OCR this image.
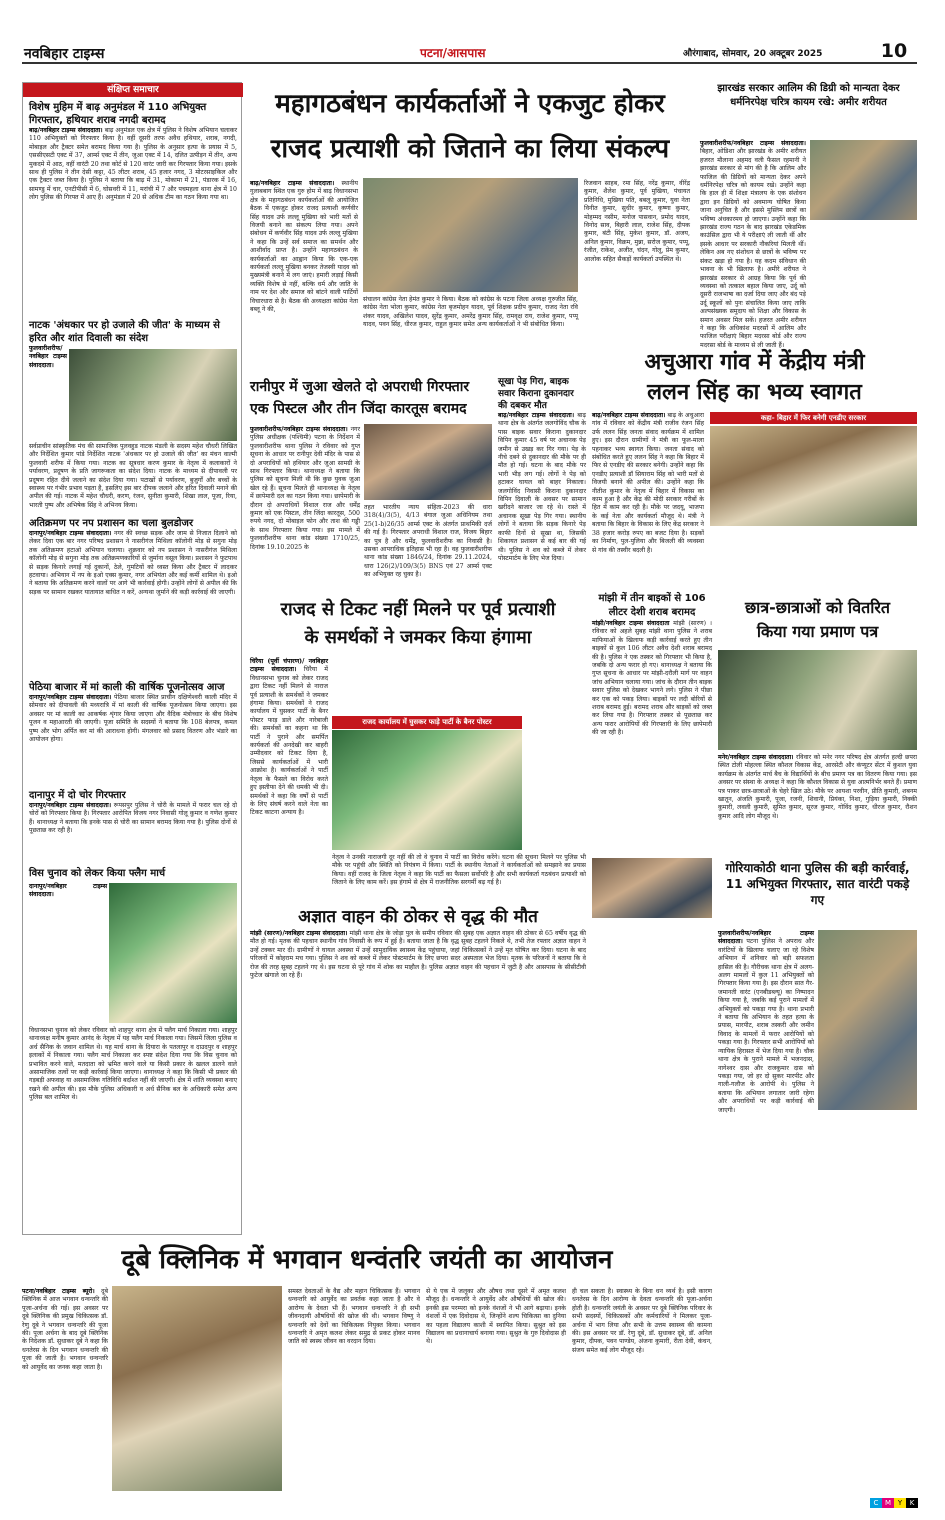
नवबिहार टाइम्स	पटना/आसपास	औरंगाबाद, सोमवार, 20 अक्टूबर 2025	10
संक्षिप्त समाचार
विशेष मुहिम में बाढ़ अनुमंडल में 110 अभियुक्त गिरफ्तार, हथियार शराब नगदी बरामद

बाढ़/नवबिहार टाइम्स संवाददाता। बाढ़ अनुमंडल एक क्षेत्र में पुलिस ने विशेष अभियान चलाकर 110 अभियुक्तों को गिरफ्तार किया है। वहीं दूसरी तरफ अवैध हथियार, शराब, नगदी, मोबाइल और ट्रैक्टर समेत बरामद किया गया है। पुलिस के अनुसार हत्या के प्रयास में 5, एससीएसटी एक्ट में 37, आर्म्स एक्ट में तीन, जुआ एक्ट में 14, दलित उत्पीड़न में तीन, अन्य मुकदमे में आठ, वहीं वारंटी 20 तथा कोर्ट से 120 वारंट जारी कर गिरफ्तार किया गया। इसके साथ ही पुलिस ने तीन देसी कट्टा, 45 लीटर शराब, 45 हजार नगद, 3 मोटरसाइकिल और एक ट्रैक्टर जब्त किया है। पुलिस ने बताया कि बाढ़ में 31, मोकामा में 21, पंडारक में 16, सामण्डु में चार, एनटीपीसी में 6, घोसवरी में 11, मरांची में 7 और पचमहला थाना क्षेत्र में 10 लोग पुलिस की गिरफ्त में आए हैं। अनुमंडल में 20 से अधिक टीम का गठन किया गया था।

नाटक 'अंधकार पर हो उजाले की जीत' के माध्यम से हरित और शांत दिवाली का संदेश

फुलवारीशरीफ/नवबिहार टाइम्स संवाददाता।

सर्वप्राचीन सांस्कृतिक मंच की सामाजिक पुलवहुड नाटक मंडली के सदस्य महेश चौधरी लिखित और निर्देशित कुमार पांडे निर्देशित नाटक 'अंधकार पर हो उजाले की जीत' का मंचन वाल्मी फुलवारी शरीफ में किया गया। नाटक का सूत्रधार करण कुमार के नेतृत्व में कलाकारों ने पर्यावरण, प्रदूषण के प्रति जागरूकता का संदेश दिया। नाटक के माध्यम से दीपावली पर प्रदूषण रहित दीये जलाने का संदेश दिया गया। पटाखों से पर्यावरण, बुजुर्गों और बच्चों के स्वास्थ्य पर गंभीर प्रभाव पड़ता है, इसलिए इस बार दीपक जलाने और हरित दिवाली मनाने की अपील की गई। नाटक में महेश चौधरी, करण, रंजन, सुनीता कुमारी, शिखा लाल, पूजा, रिया, भारती पुष्प और अभिषेक सिंह ने अभिनय किया।

अतिक्रमण पर नप प्रशासन का चला बुलडोजर

दानापुर/नवबिहार टाइम्स संवाददाता। नगर की स्वच्छ सड़क और जाम से निजात दिलाने को लेकर दिवा एक बार नगर परिषद प्रशासन ने नासरीगंज मिथिला कॉलोनी मोड़ से सगुना मोड़ तक अतिक्रमण हटाओ अभियान चलाया। शुक्रवार को नप प्रशासन ने नासरीगंज मिथिला कॉलोनी मोड़ से सगुना मोड़ तक अतिक्रमणकारियों से जुर्माना वसूल किया। प्रशासन ने फुटपाथ से सड़क किनारे लगाई गई दुकानों, ठेले, गुमटियों को ध्वस्त किया और ट्रैक्टर में लादकर हटवाया। अभियान में नप के इओ एक्स कुमार, नगर अभियंता और कई कर्मी शामिल थे। इओ ने बताया कि अतिक्रमण करने वालों पर आगे भी कार्रवाई होगी। उन्होंने लोगों से अपील की कि सड़क पर सामान रखकर यातायात बाधित न करें, अन्यथा जुर्माने की कड़ी कार्रवाई की जाएगी।

पेठिया बाजार में मां काली की वार्षिक पूजनोत्सव आज

दानापुर/नवबिहार टाइम्स संवाददाता। पेठिया बाजार स्थित प्राचीन दक्षिणेश्वरी काली मंदिर में सोमवार को दीपावली की मध्यरात्रि में मां काली की वार्षिक पूजनोत्सव किया जाएगा। इस अवसर पर मां काली का आकर्षक शृंगार किया जाएगा और वैदिक मंत्रोच्चार के बीच विशेष पूजन व महाआरती की जाएगी। पूजा समिति के सदस्यों ने बताया कि 108 बेलपत्र, कमल पुष्प और भोग अर्पित कर मां की आराधना होगी। मंगलवार को प्रसाद वितरण और भंडारे का आयोजन होगा।

दानापुर में दो चोर गिरफ्तार

दानापुर/नवबिहार टाइम्स संवाददाता। रूपसपुर पुलिस ने चोरी के मामले में फरार चल रहे दो चोरों को गिरफ्तार किया है। गिरफ्तार आरोपित विजय नगर निवासी गोलू कुमार व गणेश कुमार हैं। थानाध्यक्ष ने बताया कि इनके पास से चोरी का सामान बरामद किया गया है। पुलिस दोनों से पूछताछ कर रही है।

विस चुनाव को लेकर किया फ्लैग मार्च

दानापुर/नवबिहार टाइम्स संवाददाता।

विधानसभा चुनाव को लेकर रविवार को शाहपुर थाना क्षेत्र में फ्लैग मार्च निकाला गया। शाहपुर थानाध्यक्ष मनीष कुमार आनंद के नेतृत्व में यह फ्लैग मार्च निकाला गया। जिसमें जिला पुलिस व अर्ध सैनिक के जवान शामिल थे। यह मार्च थाना के दियारा के पतलापुर व दाउदपुर व शाहपुर इलाकों में निकाला गया। फ्लैग मार्च निकाला कर स्पष्ट संदेश दिया गया कि विस चुनाव को प्रभावित करने वाले, मतदाता को भ्रमित करने वाले या किसी प्रकार के खलल डालने वाले असामाजिक तत्वों पर कड़ी कार्रवाई किया जाएगा। थानाध्यक्ष ने कहा कि किसी भी प्रकार की गड़बड़ी अफवाह या असामाजिक गतिविधि बर्दाश्त नहीं की जाएगी। क्षेत्र में शांति व्यवस्था बनाए रखने की अपील की। इस मौके पुलिस अधिकारी व अर्ध सैनिक बल के अधिकारी समेत अन्य पुलिस बल शामिल थे।

महागठबंधन कार्यकर्ताओं ने एकजुट होकर
राजद प्रत्याशी को जिताने का लिया संकल्प

बाढ़/नवबिहार टाइम्स संवाददाता। स्थानीय गुलाबबाग स्थित एक गुरु होम में बाढ़ विधानसभा क्षेत्र के महागठबंधन कार्यकर्ताओं की आयोजित बैठक में एकजुट होकर राजद प्रत्याशी कर्णवीर सिंह यादव उर्फ लल्लू मुखिया को भारी मतों से विजयी बनाने का संकल्प लिया गया। अपने संबोधन में कर्णवीर सिंह यादव उर्फ लल्लू मुखिया ने कहा कि उन्हें सर्व समाज का समर्थन और आशीर्वाद प्राप्त है। उन्होंने महागठबंधन के कार्यकर्ताओं का आह्वान किया कि एक-एक कार्यकर्ता लल्लू मुखिया बनकर तेजस्वी यादव को मुख्यमंत्री बनाने में लग जाएं। हमारी लड़ाई किसी व्यक्ति विशेष से नहीं, बल्कि धर्म और जाति के नाम पर देश और समाज को बांटने वाली पार्टियों विचारधारा से है। बैठक की अध्यक्षता कांग्रेस नेता बब्लू ने की,

संचालन कांग्रेस नेता हेमंत कुमार ने किया। बैठक को कांग्रेस के पटना जिला अध्यक्ष गुरुजीत सिंह, कांग्रेस नेता भोला कुमार, कांग्रेस नेता बृजमोहन यादव, पूर्व शिक्षक प्रदीप कुमार, राजद नेता रवि शंकर यादव, अखिलेश यादव, सुरेंद्र कुमार, अमरेंद्र कुमार सिंह, रामवृक्ष राय, राजेश कुमार, पप्पू यादव, पवन सिंह, धीरज कुमार, राहुल कुमार समेत अन्य कार्यकर्ताओं ने भी संबोधित किया।

रिजवान साहब, रमा सिंह, नरेंद्र कुमार, वीरेंद्र कुमार, शैलेश कुमार, पूर्व मुखिया, पंचायत प्रतिनिधि, मुखिया पति, बबलू कुमार, युवा नेता विनीत कुमार, सुधीर कुमार, कृष्णा कुमार, मोहम्मद नसीम, मनोज पासवान, प्रमोद यादव, विनोद साव, बिहारी लाल, राजेश सिंह, दीपक कुमार, बंटी सिंह, मुकेश कुमार, डॉ. अजय, अनिल कुमार, विक्रम, मुन्ना, सरोज कुमार, पप्पू, रंजीत, राकेश, अजीत, चंदन, गोलू, प्रेम कुमार, आलोक सहित सैकड़ों कार्यकर्ता उपस्थित थे।

रानीपुर में जुआ खेलते दो अपराधी गिरफ्तार
एक पिस्टल और तीन जिंदा कारतूस बरामद

फुलवारीशरीफ/नवबिहार टाइम्स संवाददाता। नगर पुलिस अधीक्षक (पश्चिमी) पटना के निर्देशन में फुलवारीशरीफ थाना पुलिस ने रविवार को गुप्त सूचना के आधार पर रानीपुर देवी मंदिर के पास से दो अपराधियों को हथियार और जुआ सामग्री के साथ गिरफ्तार किया। थानाध्यक्ष ने बताया कि पुलिस को सूचना मिली थी कि कुछ युवक जुआ खेल रहे हैं। सूचना मिलते ही थानाध्यक्ष के नेतृत्व में छापेमारी दल का गठन किया गया। छापेमारी के दौरान दो अपराधियों विशाल राज और धर्मेंद्र कुमार को एक पिस्टल, तीन जिंदा कारतूस, 500 रुपये नगद, दो मोबाइल फोन और ताश की गड्डी के साथ गिरफ्तार किया गया। इस मामले में फुलवारीशरीफ थाना कांड संख्या 1710/25, दिनांक 19.10.2025 के

तहत भारतीय न्याय संहिता-2023 की धारा 318(4)/3(5), 4/13 बंगाल जुआ अधिनियम तथा 25(1-b)26/35 आर्म्स एक्ट के अंतर्गत प्राथमिकी दर्ज की गई है। गिरफ्तार अपराधी विशाल राज, विजय बिहार का पुत्र है और धर्मेंद्र, फुलवारीशरीफ का निवासी है। उसका आपराधिक इतिहास भी रहा है। वह फुलवारीशरीफ थाना कांड संख्या 1846/24, दिनांक 29.11.2024, धारा 126(2)/109/3(5) BNS एवं 27 आर्म्स एक्ट का अभियुक्त रह चुका है।

सूखा पेड़ गिरा, बाइक सवार किराना दुकानदार की दबकर मौत

बाढ़/नवबिहार टाइम्स संवाददाता। बाढ़ थाना क्षेत्र के अंतर्गत जलगोविंद चौक के पास बाइक सवार किराना दुकानदार विपिन कुमार 45 वर्ष पर अचानक पेड़ जमीन से उखड़ कर गिर गया। पेड़ के नीचे दबने से दुकानदार की मौके पर ही मौत हो गई। घटना के बाद मौके पर भारी भीड़ लग गई। लोगों ने पेड़ को हटाकर घायल को बाहर निकाला। जलगोविंद निवासी किराना दुकानदार विपिन दिवाली के अवसर पर सामान खरीदने बाजार जा रहे थे। रास्ते में अचानक सूखा पेड़ गिर गया। स्थानीय लोगों ने बताया कि सड़क किनारे पेड़ काफी दिनों से सूखा था, जिसकी शिकायत प्रशासन से कई बार की गई थी। पुलिस ने शव को कब्जे में लेकर पोस्टमार्टम के लिए भेज दिया।

अचुआरा गांव में केंद्रीय मंत्री
ललन सिंह का भव्य स्वागत
कहा- बिहार में फिर बनेगी एनडीए सरकार

बाढ़/नवबिहार टाइम्स संवाददाता। बाढ़ के अचुआरा गांव में रविवार को केंद्रीय मंत्री राजीव रंजन सिंह उर्फ ललन सिंह जनता संवाद कार्यक्रम में शामिल हुए। इस दौरान ग्रामीणों ने मंत्री का फूल-माला पहनाकर भव्य स्वागत किया। जनता संवाद को संबोधित करते हुए ललन सिंह ने कहा कि बिहार में फिर से एनडीए की सरकार बनेगी। उन्होंने कहा कि एनडीए प्रत्याशी डॉ सियाराम सिंह को भारी मतों से विजयी बनाने की अपील की। उन्होंने कहा कि नीतीश कुमार के नेतृत्व में बिहार में विकास का काम हुआ है और केंद्र की मोदी सरकार गरीबों के हित में काम कर रही है। मौके पर जदयू, भाजपा के कई नेता और कार्यकर्ता मौजूद थे। मंत्री ने बताया कि बिहार के विकास के लिए केंद्र सरकार ने 38 हजार करोड़ रुपए का बजट दिया है। सड़कों का निर्माण, पुल-पुलिया और बिजली की व्यवस्था से गांव की तस्वीर बदली है।

झारखंड सरकार आलिम की डिग्री को मान्यता देकर धर्मनिरपेक्ष चरित्र कायम रखे: अमीर शरीयत

फुलवारीशरीफ/नवबिहार टाइम्स संवाददाता। बिहार, ओडिशा और झारखंड के अमीर शरीयत हजरत मौलाना अहमद वली फैसल रहमानी ने झारखंड सरकार से मांग की है कि आलिम और फाजिल की डिग्रियों को मान्यता देकर अपने धर्मनिरपेक्ष चरित्र को कायम रखे। उन्होंने कहा कि हाल ही में शिक्षा मंत्रालय के एक संशोधन द्वारा इन डिग्रियों को अवमान्य घोषित किया जाना अनुचित है और इससे मुस्लिम छात्रों का भविष्य अंधकारमय हो जाएगा। उन्होंने कहा कि झारखंड राज्य गठन के बाद झारखंड एकेडमिक काउंसिल द्वारा भी ये परीक्षाएं ली जाती थीं और इसके आधार पर सरकारी नौकरियां मिलती थीं। लेकिन अब नए संशोधन से छात्रों के भविष्य पर संकट खड़ा हो गया है। यह कदम संविधान की भावना के भी खिलाफ है। अमीरे शरीयत ने झारखंड सरकार से आग्रह किया कि पूर्व की व्यवस्था को तत्काल बहाल किया जाए, उर्दू को दूसरी राजभाषा का दर्जा दिया जाए और बंद पड़े उर्दू स्कूलों को पुनः संचालित किया जाए ताकि अल्पसंख्यक समुदाय को शिक्षा और विकास के समान अवसर मिल सकें। हजरत अमीर शरीयत ने कहा कि अधिकांश मदरसों में आलिम और फाजिल परीक्षाएं बिहार मदरसा बोर्ड और राज्य मदरसा बोर्ड के माध्यम से ली जाती हैं।

मांझी में तीन बाइकों से 106 लीटर देशी शराब बरामद

मांझी/नवबिहार टाइम्स संवाददाता मांझी (सारण) । रविवार को अहले सुबह मांझी थाना पुलिस ने शराब माफियाओं के खिलाफ कड़ी कार्रवाई करते हुए तीन बाइकों से कुल 106 लीटर अवैध देशी शराब बरामद की है। पुलिस ने एक तस्कर को गिरफ्तार भी किया है, जबकि दो अन्य फरार हो गए। थानाध्यक्ष ने बताया कि गुप्त सूचना के आधार पर मांझी-दरौली मार्ग पर वाहन जांच अभियान चलाया गया। जांच के दौरान तीन बाइक सवार पुलिस को देखकर भागने लगे। पुलिस ने पीछा कर एक को पकड़ लिया। बाइकों पर लदी बोरियों से शराब बरामद हुई। बरामद शराब और बाइकों को जब्त कर लिया गया है। गिरफ्तार तस्कर से पूछताछ कर अन्य फरार आरोपियों की गिरफ्तारी के लिए छापेमारी की जा रही है।

राजद से टिकट नहीं मिलने पर पूर्व प्रत्याशी
के समर्थकों ने जमकर किया हंगामा

चिरैया (पूर्वी चंपारण)/ नवबिहार टाइम्स संवाददाता। चिरैया में विधानसभा चुनाव को लेकर राजद द्वारा टिकट नहीं मिलने से नाराज पूर्व प्रत्याशी के समर्थकों ने जमकर हंगामा किया। समर्थकों ने राजद कार्यालय में घुसकर पार्टी के बैनर पोस्टर फाड़ डाले और नारेबाजी की। समर्थकों का कहना था कि पार्टी ने पुराने और समर्पित कार्यकर्ता की अनदेखी कर बाहरी उम्मीदवार को टिकट दिया है, जिससे कार्यकर्ताओं में भारी आक्रोश है। कार्यकर्ताओं ने पार्टी नेतृत्व के फैसले का विरोध करते हुए इस्तीफा देने की धमकी भी दी। समर्थकों ने कहा कि वर्षों से पार्टी के लिए संघर्ष करने वाले नेता का टिकट काटना अन्याय है।

राजद कार्यालय में घुसकर फाड़े पार्टी के बैनर पोस्टर

नेतृत्व ने उनकी नाराजगी दूर नहीं की तो वे चुनाव में पार्टी का विरोध करेंगे। घटना की सूचना मिलने पर पुलिस भी मौके पर पहुंची और स्थिति को नियंत्रण में किया। पार्टी के स्थानीय नेताओं ने कार्यकर्ताओं को समझाने का प्रयास किया। वहीं राजद के जिला नेतृत्व ने कहा कि पार्टी का फैसला सर्वोपरि है और सभी कार्यकर्ता गठबंधन प्रत्याशी को जिताने के लिए काम करें। इस हंगामे से क्षेत्र में राजनीतिक सरगर्मी बढ़ गई है।

छात्र-छात्राओं को वितरित
किया गया प्रमाण पत्र

मनेर/नवबिहार टाइम्स संवाददाता। रविवार को मनेर नगर परिषद क्षेत्र अंतर्गत हल्दी छपरा स्थित टोली मोहल्ला स्थित कौशल विकास केंद्र, आरसेटी और कंप्यूटर सेंटर में कुशल युवा कार्यक्रम के अंतर्गत मार्च बैच के विद्यार्थियों के बीच प्रमाण पत्र का वितरण किया गया। इस अवसर पर संस्था के अध्यक्ष ने कहा कि कौशल विकास से युवा आत्मनिर्भर बनते हैं। प्रमाण पत्र पाकर छात्र-छात्राओं के चेहरे खिल उठे। मौके पर आयशा परवीन, प्रीति कुमारी, शबनम खातून, अंजलि कुमारी, पूजा, रजनी, शिवानी, प्रियंका, निशा, गुड़िया कुमारी, निक्की कुमारी, लवली कुमारी, सुमित कुमार, सूरज कुमार, गोविंद कुमार, धीरज कुमार, रौशन कुमार आदि लोग मौजूद थे।

अज्ञात वाहन की ठोकर से वृद्ध की मौत

मांझी (सारण)/नवबिहार टाइम्स संवाददाता। मांझी थाना क्षेत्र के जोड़ा पुल के समीप रविवार की सुबह एक अज्ञात वाहन की ठोकर से 65 वर्षीय वृद्ध की मौत हो गई। मृतक की पहचान स्थानीय गांव निवासी के रूप में हुई है। बताया जाता है कि वृद्ध सुबह टहलने निकले थे, तभी तेज रफ्तार अज्ञात वाहन ने उन्हें टक्कर मार दी। ग्रामीणों ने घायल अवस्था में उन्हें सामुदायिक स्वास्थ्य केंद्र पहुंचाया, जहां चिकित्सकों ने उन्हें मृत घोषित कर दिया। घटना के बाद परिजनों में कोहराम मच गया। पुलिस ने शव को कब्जे में लेकर पोस्टमार्टम के लिए छपरा सदर अस्पताल भेज दिया। मृतक के परिजनों ने बताया कि वे रोज की तरह सुबह टहलने गए थे। इस घटना से पूरे गांव में शोक का माहौल है। पुलिस अज्ञात वाहन की पहचान में जुटी है और आसपास के सीसीटीवी फुटेज खंगाले जा रहे हैं।

गोरियाकोठी थाना पुलिस की बड़ी कार्रवाई, 11 अभियुक्त गिरफ्तार, सात वारंटी पकड़े गए

फुलवारीशरीफ/नवबिहार टाइम्स संवाददाता। पटना पुलिस ने अपराध और वारंटियों के खिलाफ चलाए जा रहे विशेष अभियान में शनिवार को बड़ी सफलता हासिल की है। गौरीचक थाना क्षेत्र में अलग-अलग मामलों में कुल 11 अभियुक्तों को गिरफ्तार किया गया है। इस दौरान सात गैर-जमानती वारंट (एनबीडब्ल्यू) का निष्पादन किया गया है, जबकि कई पुराने मामलों में अभियुक्तों को पकड़ा गया है। थाना प्रभारी ने बताया कि अभियान के तहत हत्या के प्रयास, मारपीट, शराब तस्करी और जमीन विवाद के मामलों में फरार आरोपियों को पकड़ा गया है। गिरफ्तार सभी आरोपियों को न्यायिक हिरासत में भेज दिया गया है। चौक थाना क्षेत्र के पुराने मामले में भजनदास, नागेश्वर दास और राजकुमार दास को पकड़ा गया, जो हर दो सुकर मारपीट और गाली-गलौज के आरोपी थे। पुलिस ने बताया कि अभियान लगातार जारी रहेगा और अपराधियों पर कड़ी कार्रवाई की जाएगी।

दूबे क्लिनिक में भगवान धन्वंतरि जयंती का आयोजन

पटना/नवबिहार टाइम्स ब्यूरो। दूबे क्लिनिक में आज भगवान धन्वन्तरि की पूजा-अर्चना की गई। इस अवसर पर दूबे क्लिनिक की प्रमुख चिकित्सक डॉ. रेणु दूबे ने भगवान धन्वन्तरि की पूजा की। पूजा अर्चना के बाद दूबे क्लिनिक के निदेशक डॉ. सुधाकर दूबे ने कहा कि धनतेरस के दिन भगवान धन्वन्तरि की पूजा की जाती है। भगवान धन्वन्तरि को आयुर्वेद का जनक कहा जाता है।

समस्त देवताओं के वैद्य और महान चिकित्सक हैं। भगवान धन्वन्तरि को आयुर्वेद का प्रवर्तक कहा जाता है और वे आरोग्य के देवता भी हैं। भगवान धन्वन्तरि ने ही सभी जीवनदायी औषधियों की खोज की थी। भगवान विष्णु ने धन्वन्तरि को देवों का चिकित्सक नियुक्त किया। भगवान धन्वन्तरि ने अमृत कलश लेकर समुद्र से प्रकट होकर मानव जाति को स्वस्थ जीवन का वरदान दिया।

से ये एक में जलूका और औषध तथा दूसरे में अमृत कलश मौजूद है। धन्वन्तरि ने आयुर्वेद और औषधियों की खोज की। इनकी इस परम्परा को इनके वंशजों ने भी आगे बढ़ाया। इनके वंशजों में एक दिवोदास थे, जिन्होंने शल्य चिकित्सा का दुनिया का पहला विद्यालय काशी में स्थापित किया। सुश्रुत को इस विद्यालय का प्रधानाचार्य बनाया गया। सुश्रुत के गुरु दिवोदास ही थे।

ही चल सकता है। स्वास्थ्य के बिना धन व्यर्थ है। इसी कारण धनतेरस के दिन आरोग्य के देवता धन्वन्तरि की पूजा-अर्चना होती है। धन्वन्तरि जयंती के अवसर पर दूबे क्लिनिक परिवार के सभी सदस्यों, चिकित्सकों और कर्मचारियों ने मिलकर पूजा-अर्चना में भाग लिया और सभी के उत्तम स्वास्थ्य की कामना की। इस अवसर पर डॉ. रेणु दूबे, डॉ. सुधाकर दूबे, डॉ. अनिल कुमार, दीपक, पवन पाण्डेय, अंजना कुमारी, रीता देवी, कंचन, संजय समेत कई लोग मौजूद रहे।

C M Y	K
